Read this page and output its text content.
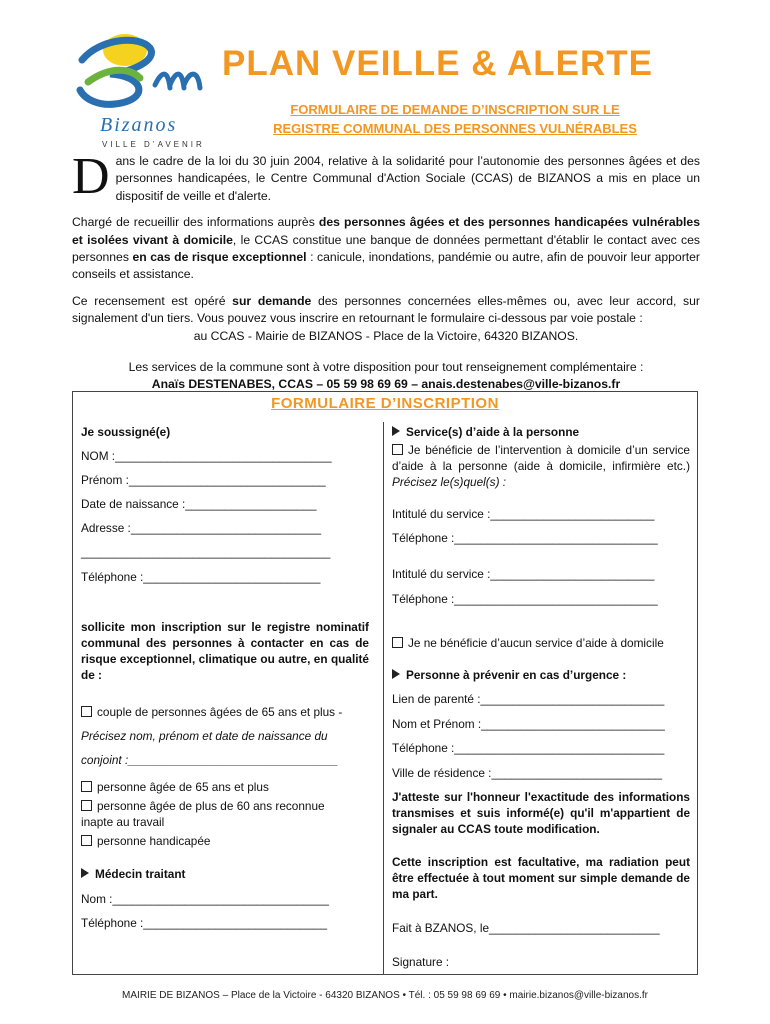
Bizanos
VILLE D’AVENIR
PLAN VEILLE & ALERTE
FORMULAIRE DE DEMANDE D’INSCRIPTION SUR LE
REGISTRE COMMUNAL DES PERSONNES VULNÉRABLES

Dans le cadre de la loi du 30 juin 2004, relative à la solidarité pour l’autonomie des personnes âgées et des personnes handicapées, le Centre Communal d'Action Sociale (CCAS) de BIZANOS a mis en place un dispositif de veille et d'alerte.

Chargé de recueillir des informations auprès des personnes âgées et des personnes handicapées vulnérables et isolées vivant à domicile, le CCAS constitue une banque de données permettant d'établir le contact avec ces personnes en cas de risque exceptionnel : canicule, inondations, pandémie ou autre, afin de pouvoir leur apporter conseils et assistance.

Ce recensement est opéré sur demande des personnes concernées elles-mêmes ou, avec leur accord, sur signalement d'un tiers. Vous pouvez vous inscrire en retournant le formulaire ci-dessous par voie postale :

au CCAS - Mairie de BIZANOS - Place de la Victoire, 64320 BIZANOS.

Les services de la commune sont à votre disposition pour tout renseignement complémentaire :
Anaïs DESTENABES, CCAS – 05 59 98 69 69 – anais.destenabes@ville-bizanos.fr

FORMULAIRE D’INSCRIPTION
Je soussigné(e)
NOM :_________________________________
Prénom :______________________________
Date de naissance :____________________
Adresse :_____________________________
______________________________________
Téléphone :___________________________
sollicite mon inscription sur le registre nominatif communal des personnes à contacter en cas de risque exceptionnel, climatique ou autre, en qualité de :
couple de personnes âgées de 65 ans et plus -
Précisez nom, prénom et date de naissance du
conjoint :________________________________
personne âgée de 65 ans et plus
personne âgée de plus de 60 ans reconnue
inapte au travail
personne handicapée
Médecin traitant
Nom :_________________________________
Téléphone :____________________________
Service(s) d’aide à la personne
Je bénéficie de l’intervention à domicile d’un service d’aide à la personne (aide à domicile, infirmière etc.) Précisez le(s)quel(s) :
Intitulé du service :_________________________
Téléphone :_______________________________
Intitulé du service :_________________________
Téléphone :_______________________________
Je ne bénéficie d’aucun service d’aide à domicile
Personne à prévenir en cas d’urgence :
Lien de parenté :____________________________
Nom et Prénom :____________________________
Téléphone :________________________________
Ville de résidence :__________________________
J'atteste sur l'honneur l'exactitude des informations transmises et suis informé(e) qu'il m'appartient de signaler au CCAS toute modification.
Cette inscription est facultative, ma radiation peut être effectuée à tout moment sur simple demande de ma part.
Fait à BZANOS, le__________________________
Signature :
MAIRIE DE BIZANOS – Place de la Victoire - 64320 BIZANOS • Tél. : 05 59 98 69 69 • mairie.bizanos@ville-bizanos.fr
